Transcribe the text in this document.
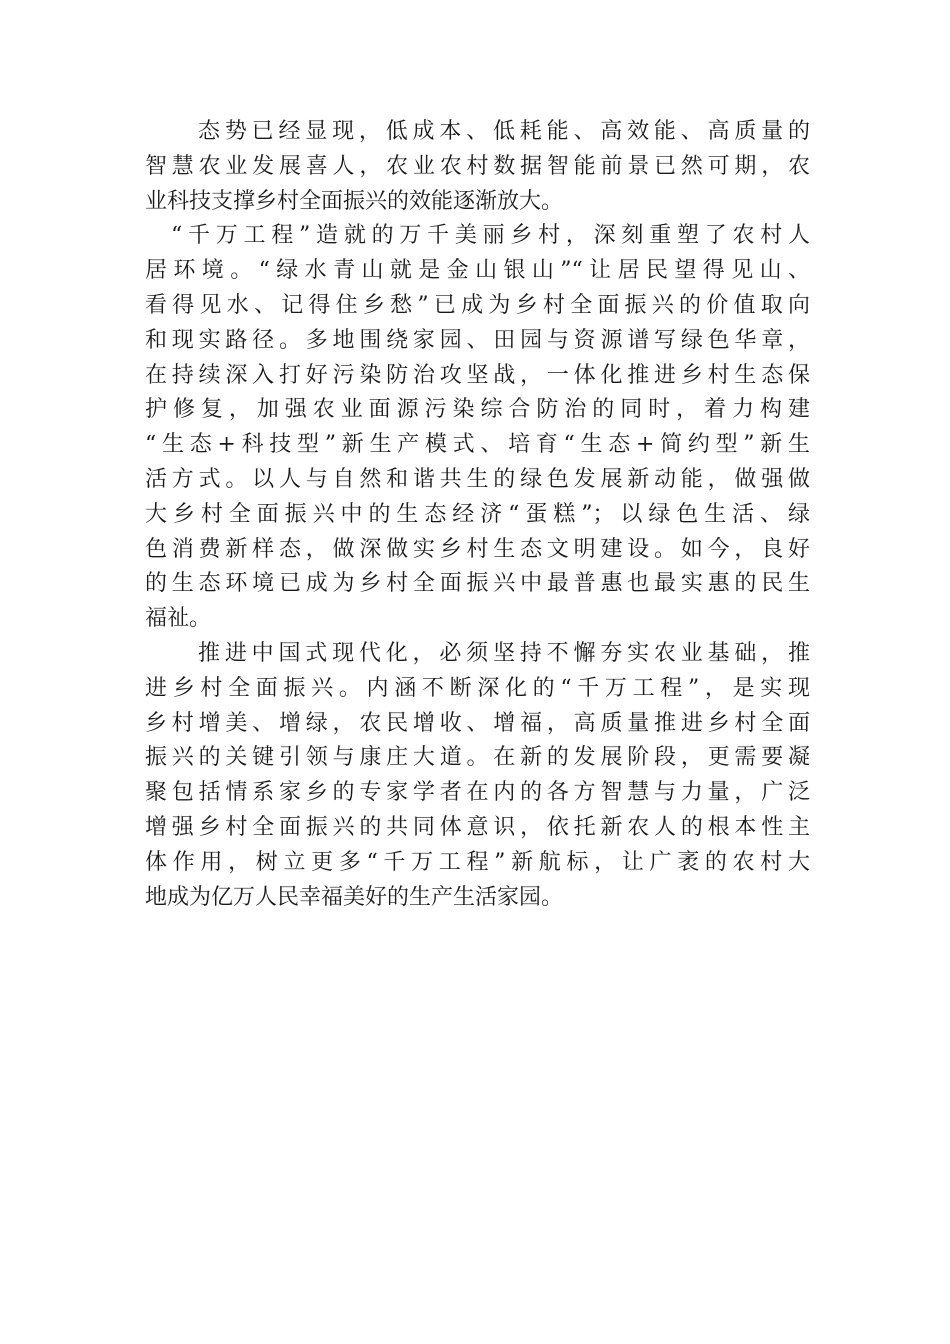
态势已经显现，低成本、低耗能、高效能、高质量的
智慧农业发展喜人，农业农村数据智能前景已然可期，农
业科技支撑乡村全面振兴的效能逐渐放大。
“千万工程”造就的万千美丽乡村，深刻重塑了农村人
居环境。“绿水青山就是金山银山”“让居民望得见山、
看得见水、记得住乡愁”已成为乡村全面振兴的价值取向
和现实路径。多地围绕家园、田园与资源谱写绿色华章，
在持续深入打好污染防治攻坚战，一体化推进乡村生态保
护修复，加强农业面源污染综合防治的同时，着力构建
“生态+科技型”新生产模式、培育“生态+简约型”新生
活方式。以人与自然和谐共生的绿色发展新动能，做强做
大乡村全面振兴中的生态经济“蛋糕”；以绿色生活、绿
色消费新样态，做深做实乡村生态文明建设。如今，良好
的生态环境已成为乡村全面振兴中最普惠也最实惠的民生
福祉。
推进中国式现代化，必须坚持不懈夯实农业基础，推
进乡村全面振兴。内涵不断深化的“千万工程”，是实现
乡村增美、增绿，农民增收、增福，高质量推进乡村全面
振兴的关键引领与康庄大道。在新的发展阶段，更需要凝
聚包括情系家乡的专家学者在内的各方智慧与力量，广泛
增强乡村全面振兴的共同体意识，依托新农人的根本性主
体作用，树立更多“千万工程”新航标，让广袤的农村大
地成为亿万人民幸福美好的生产生活家园。
